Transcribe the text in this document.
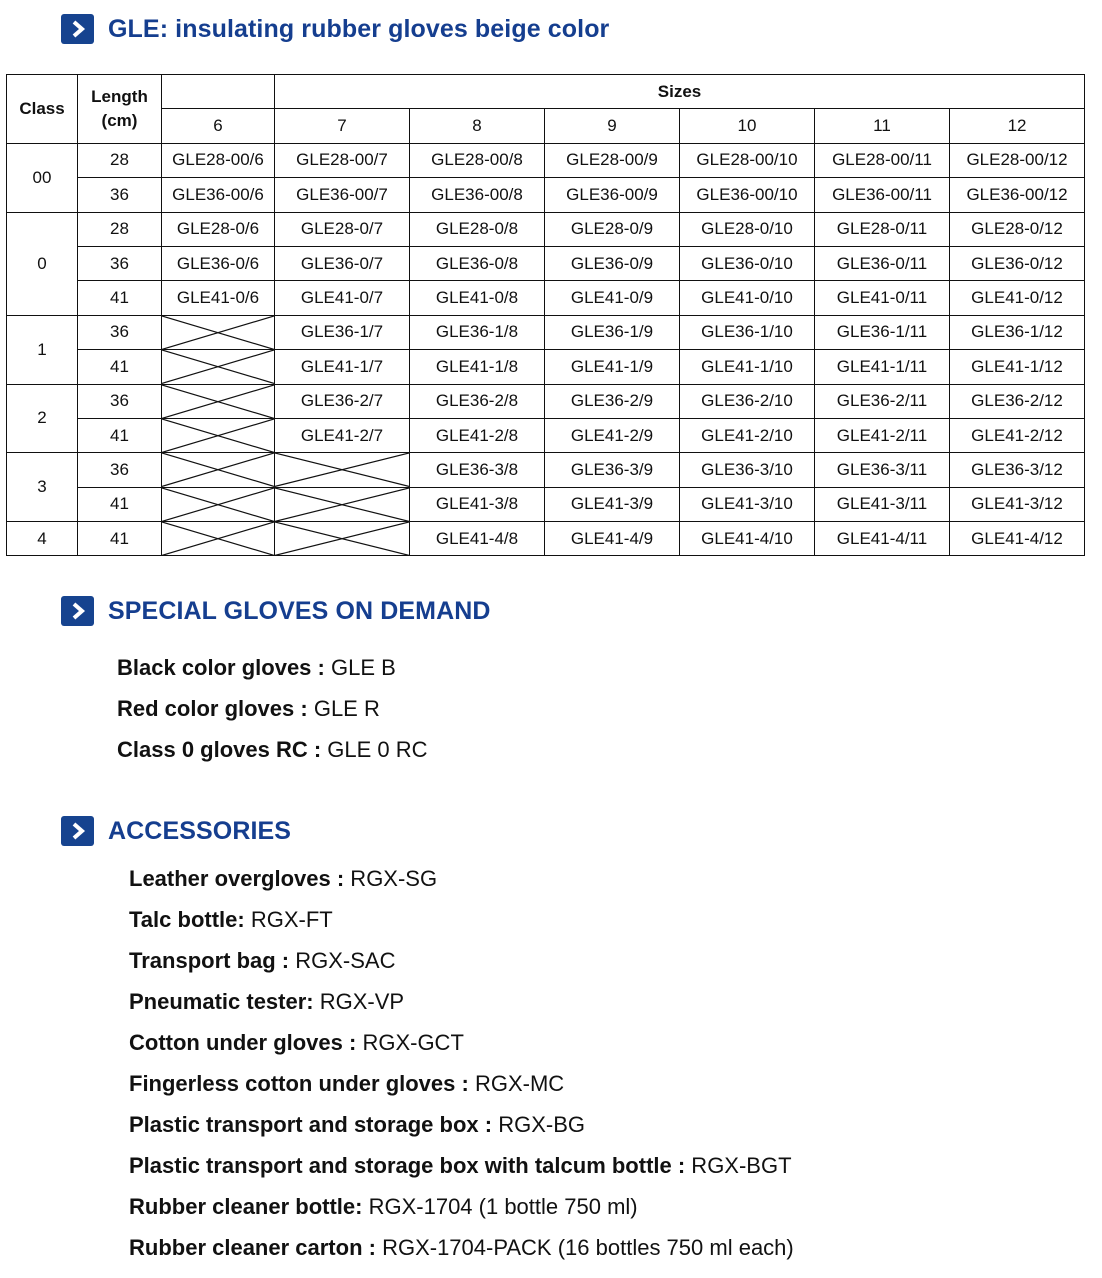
GLE: insulating rubber gloves beige color
Class	Length
(cm)		Sizes					
		6	7	8	9	10	11	12
00	28	GLE28-00/6	GLE28-00/7	GLE28-00/8	GLE28-00/9	GLE28-00/10	GLE28-00/11	GLE28-00/12
	36	GLE36-00/6	GLE36-00/7	GLE36-00/8	GLE36-00/9	GLE36-00/10	GLE36-00/11	GLE36-00/12
0	28	GLE28-0/6	GLE28-0/7	GLE28-0/8	GLE28-0/9	GLE28-0/10	GLE28-0/11	GLE28-0/12
	36	GLE36-0/6	GLE36-0/7	GLE36-0/8	GLE36-0/9	GLE36-0/10	GLE36-0/11	GLE36-0/12
	41	GLE41-0/6	GLE41-0/7	GLE41-0/8	GLE41-0/9	GLE41-0/10	GLE41-0/11	GLE41-0/12
1	36		GLE36-1/7	GLE36-1/8	GLE36-1/9	GLE36-1/10	GLE36-1/11	GLE36-1/12
	41		GLE41-1/7	GLE41-1/8	GLE41-1/9	GLE41-1/10	GLE41-1/11	GLE41-1/12
2	36		GLE36-2/7	GLE36-2/8	GLE36-2/9	GLE36-2/10	GLE36-2/11	GLE36-2/12
	41		GLE41-2/7	GLE41-2/8	GLE41-2/9	GLE41-2/10	GLE41-2/11	GLE41-2/12
3	36			GLE36-3/8	GLE36-3/9	GLE36-3/10	GLE36-3/11	GLE36-3/12
	41			GLE41-3/8	GLE41-3/9	GLE41-3/10	GLE41-3/11	GLE41-3/12
4	41			GLE41-4/8	GLE41-4/9	GLE41-4/10	GLE41-4/11	GLE41-4/12
SPECIAL GLOVES ON DEMAND
Black color gloves : GLE B
Red color gloves : GLE R
Class 0 gloves RC : GLE 0 RC
ACCESSORIES
Leather overgloves : RGX-SG
Talc bottle: RGX-FT
Transport bag : RGX-SAC
Pneumatic tester: RGX-VP
Cotton under gloves : RGX-GCT
Fingerless cotton under gloves : RGX-MC
Plastic transport and storage box : RGX-BG
Plastic transport and storage box with talcum bottle : RGX-BGT
Rubber cleaner bottle: RGX-1704 (1 bottle 750 ml)
Rubber cleaner carton : RGX-1704-PACK (16 bottles 750 ml each)
